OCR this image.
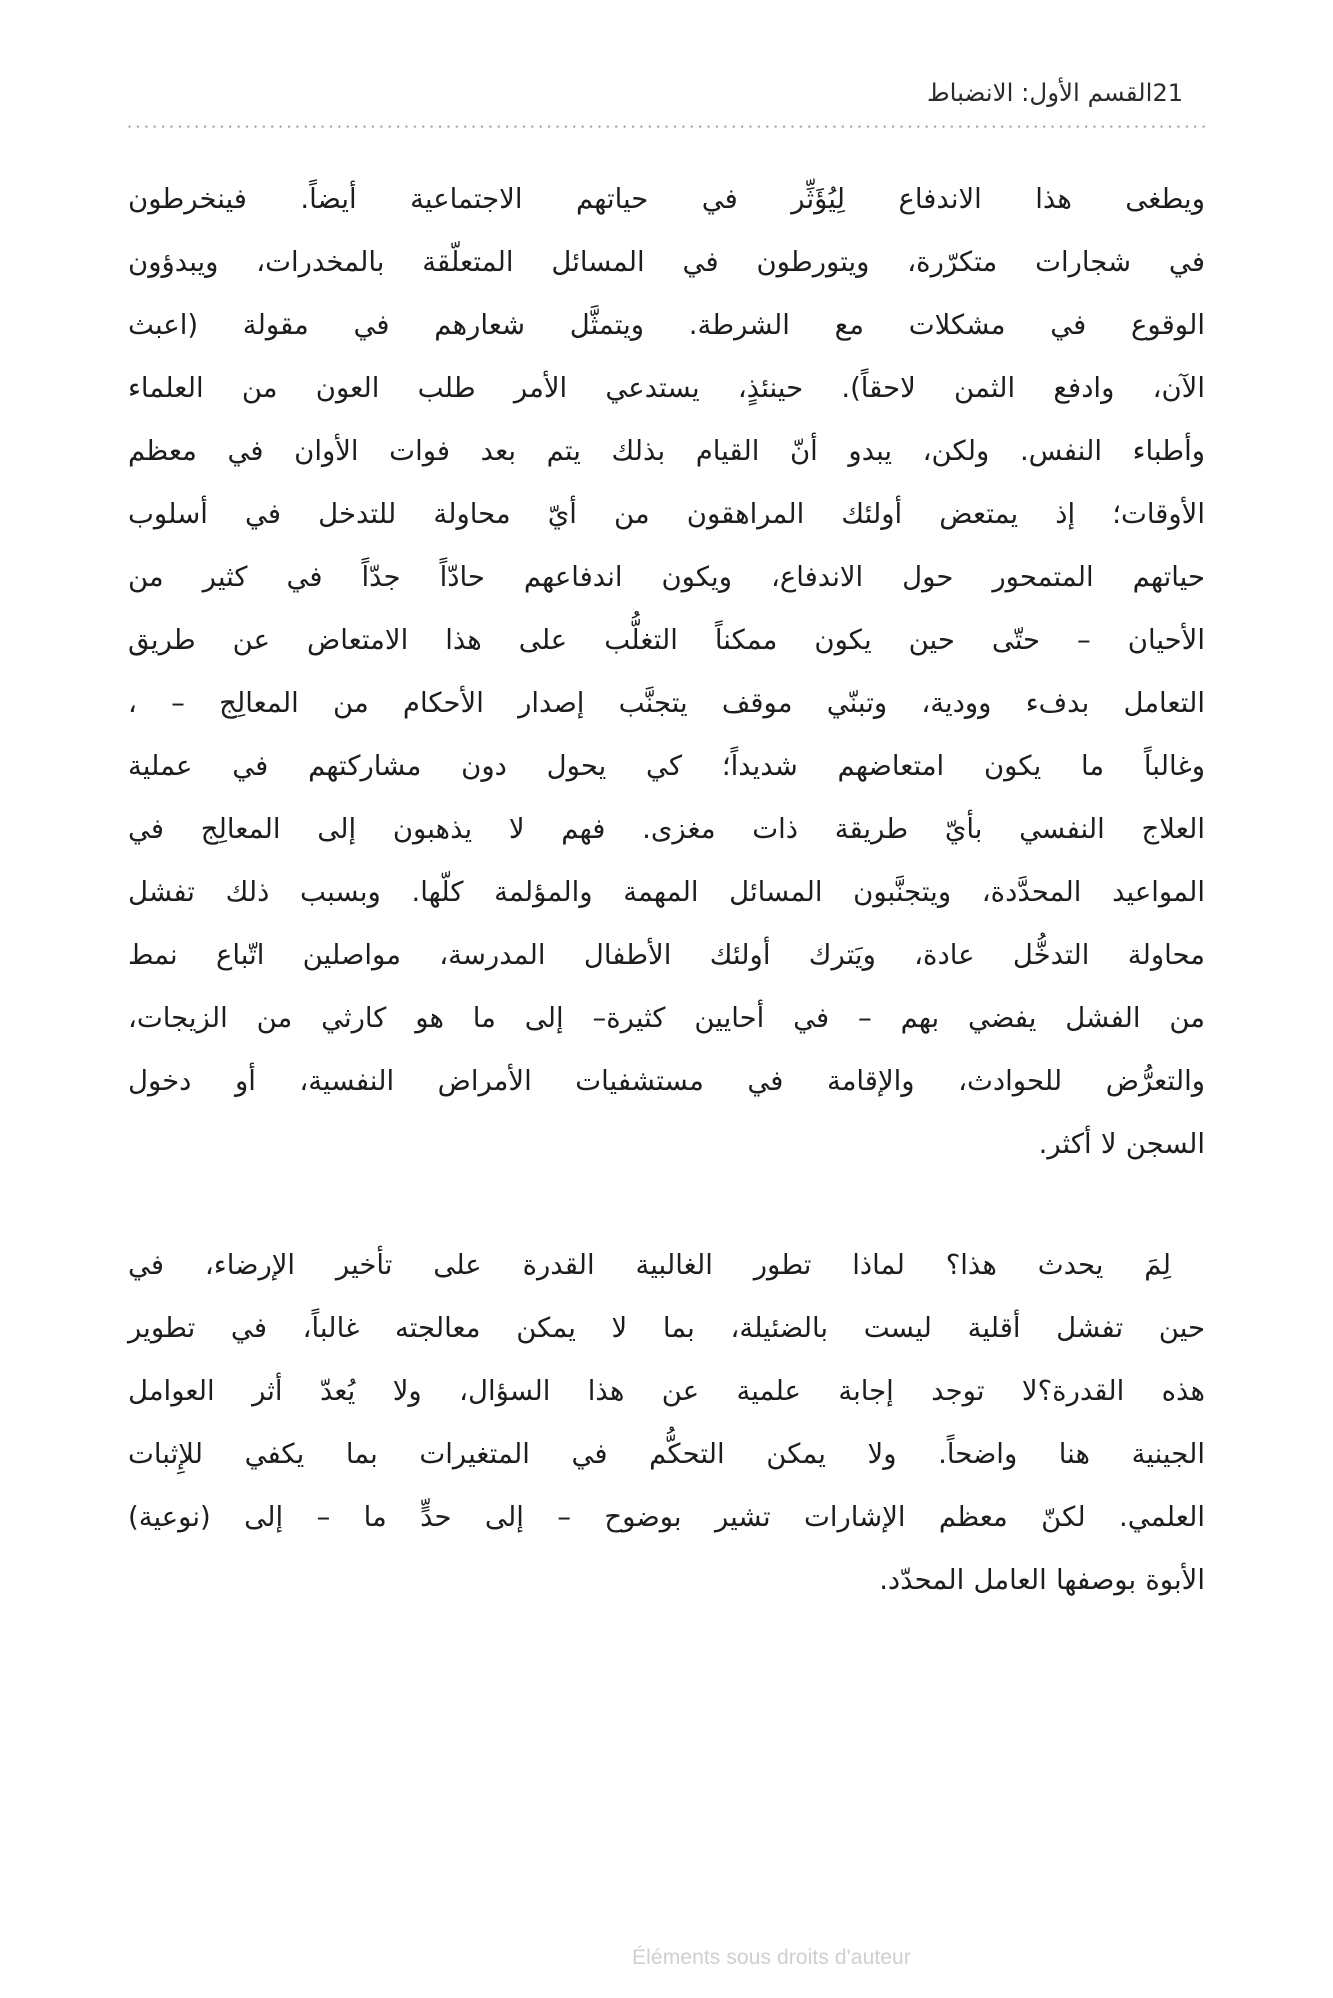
21
القسم الأول: الانضباط

ويطغى هذا الاندفاع لِيُؤَثِّر في حياتهم الاجتماعية أيضاً. فينخرطون
في شجارات متكرّرة، ويتورطون في المسائل المتعلّقة بالمخدرات، ويبدؤون
الوقوع في مشكلات مع الشرطة. ويتمثَّل شعارهم في مقولة (اعبث
الآن، وادفع الثمن لاحقاً). حينئذٍ، يستدعي الأمر طلب العون من العلماء
وأطباء النفس. ولكن، يبدو أنّ القيام بذلك يتم بعد فوات الأوان في معظم
الأوقات؛ إذ يمتعض أولئك المراهقون من أيّ محاولة للتدخل في أسلوب
حياتهم المتمحور حول الاندفاع، ويكون اندفاعهم حادّاً جدّاً في كثير من
الأحيان – حتّى حين يكون ممكناً التغلُّب على هذا الامتعاض عن طريق
التعامل بدفء وودية، وتبنّي موقف يتجنَّب إصدار الأحكام من المعالِج – ،
وغالباً ما يكون امتعاضهم شديداً؛ كي يحول دون مشاركتهم في عملية
العلاج النفسي بأيّ طريقة ذات مغزى. فهم لا يذهبون إلى المعالِج في
المواعيد المحدَّدة، ويتجنَّبون المسائل المهمة والمؤلمة كلّها. وبسبب ذلك تفشل
محاولة التدخُّل عادة، ويَترك أولئك الأطفال المدرسة، مواصلين اتّباع نمط
من الفشل يفضي بهم – في أحايين كثيرة– إلى ما هو كارثي من الزيجات،
والتعرُّض للحوادث، والإقامة في مستشفيات الأمراض النفسية، أو دخول
السجن لا أكثر.

لِمَ يحدث هذا؟ لماذا تطور الغالبية القدرة على تأخير الإرضاء، في
حين تفشل أقلية ليست بالضئيلة، بما لا يمكن معالجته غالباً، في تطوير
هذه القدرة؟لا توجد إجابة علمية عن هذا السؤال، ولا يُعدّ أثر العوامل
الجينية هنا واضحاً. ولا يمكن التحكُّم في المتغيرات بما يكفي للإِثبات
العلمي. لكنّ معظم الإشارات تشير بوضوح – إلى حدٍّ ما – إلى (نوعية)
الأبوة بوصفها العامل المحدّد.

Éléments sous droits d'auteur
